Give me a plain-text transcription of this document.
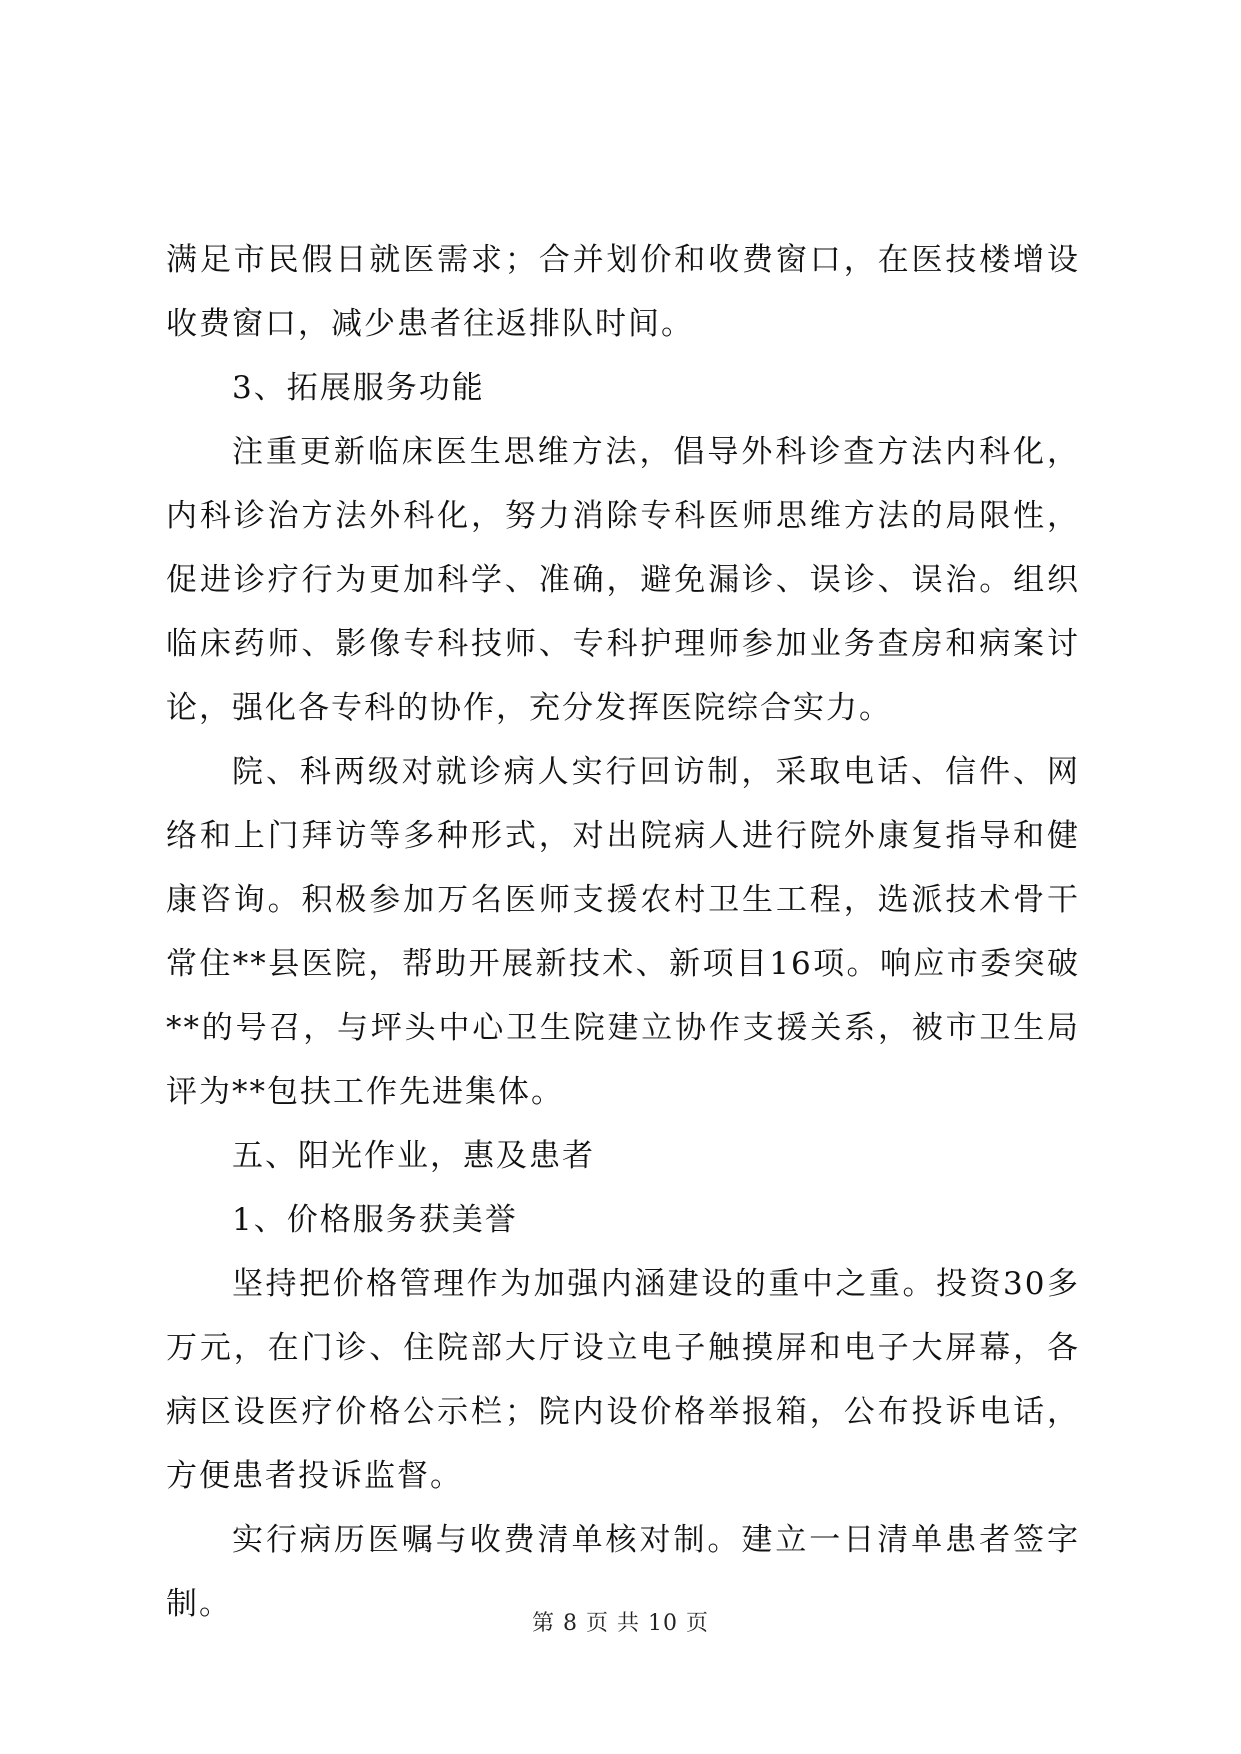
满足市民假日就医需求；合并划价和收费窗口，在医技楼增设收费窗口，减少患者往返排队时间。

3、拓展服务功能

注重更新临床医生思维方法，倡导外科诊查方法内科化，内科诊治方法外科化，努力消除专科医师思维方法的局限性，促进诊疗行为更加科学、准确，避免漏诊、误诊、误治。组织临床药师、影像专科技师、专科护理师参加业务查房和病案讨论，强化各专科的协作，充分发挥医院综合实力。

院、科两级对就诊病人实行回访制，采取电话、信件、网络和上门拜访等多种形式，对出院病人进行院外康复指导和健康咨询。积极参加万名医师支援农村卫生工程，选派技术骨干常住**县医院，帮助开展新技术、新项目16项。响应市委突破**的号召，与坪头中心卫生院建立协作支援关系，被市卫生局评为**包扶工作先进集体。

五、阳光作业，惠及患者

1、价格服务获美誉

坚持把价格管理作为加强内涵建设的重中之重。投资30多万元，在门诊、住院部大厅设立电子触摸屏和电子大屏幕，各病区设医疗价格公示栏；院内设价格举报箱，公布投诉电话，方便患者投诉监督。

实行病历医嘱与收费清单核对制。建立一日清单患者签字制。

第 8 页 共 10 页
